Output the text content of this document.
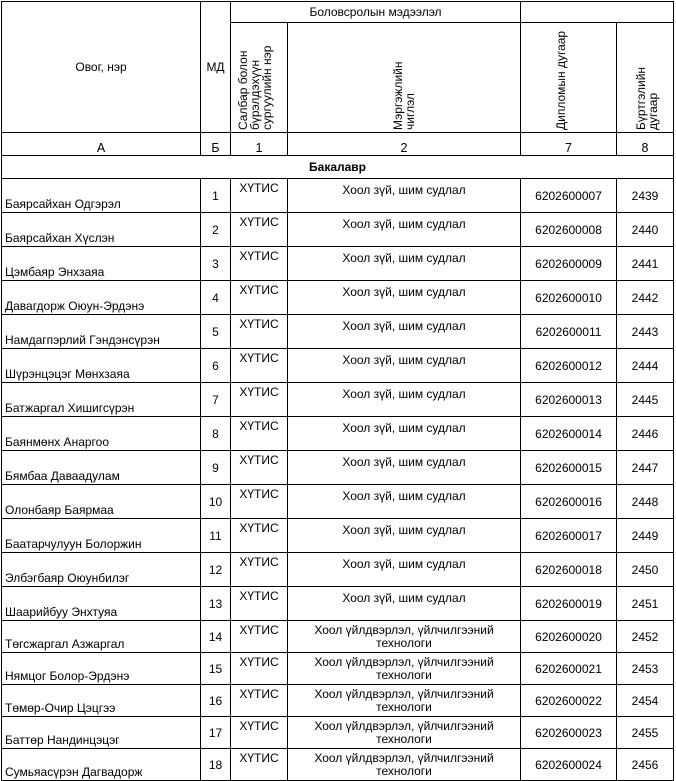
Овог, нэр	МД	Боловсролын мэдээлэл			

		Салбар болон
бүрэлдэхүүн
сургуулийн нэр	Мэргэжлийн
чиглэл	Дипломын дугаар	Бүртгэлийн
дугаар

А	Б	1	2	7	8
Бакалавр					
Баярсайхан Одгэрэл	1	ХҮТИС	Хоол зүй, шим судлал	6202600007	2439
Баярсайхан Хүслэн	2	ХҮТИС	Хоол зүй, шим судлал	6202600008	2440
Цэмбаяр Энхзаяа	3	ХҮТИС	Хоол зүй, шим судлал	6202600009	2441
Давагдорж Оюун-Эрдэнэ	4	ХҮТИС	Хоол зүй, шим судлал	6202600010	2442
Намдагпэрлий Гэндэнсүрэн	5	ХҮТИС	Хоол зүй, шим судлал	6202600011	2443
Шүрэнцэцэг Мөнхзаяа	6	ХҮТИС	Хоол зүй, шим судлал	6202600012	2444
Батжаргал Хишигсүрэн	7	ХҮТИС	Хоол зүй, шим судлал	6202600013	2445
Баянмөнх Анаргоо	8	ХҮТИС	Хоол зүй, шим судлал	6202600014	2446
Бямбаа Даваадулам	9	ХҮТИС	Хоол зүй, шим судлал	6202600015	2447
Олонбаяр Баярмаа	10	ХҮТИС	Хоол зүй, шим судлал	6202600016	2448
Баатарчулуун Болоржин	11	ХҮТИС	Хоол зүй, шим судлал	6202600017	2449
Элбэгбаяр Оюунбилэг	12	ХҮТИС	Хоол зүй, шим судлал	6202600018	2450
Шаарийбуу Энхтуяа	13	ХҮТИС	Хоол зүй, шим судлал	6202600019	2451
Төгсжаргал Азжаргал	14	ХҮТИС	Хоол үйлдвэрлэл, үйлчилгээний технологи	6202600020	2452
Нямцог Болор-Эрдэнэ	15	ХҮТИС	Хоол үйлдвэрлэл, үйлчилгээний технологи	6202600021	2453
Төмөр-Очир Цэцгээ	16	ХҮТИС	Хоол үйлдвэрлэл, үйлчилгээний технологи	6202600022	2454
Баттөр Нандинцэцэг	17	ХҮТИС	Хоол үйлдвэрлэл, үйлчилгээний технологи	6202600023	2455
Сумьяасүрэн Дагвадорж	18	ХҮТИС	Хоол үйлдвэрлэл, үйлчилгээний технологи	6202600024	2456
